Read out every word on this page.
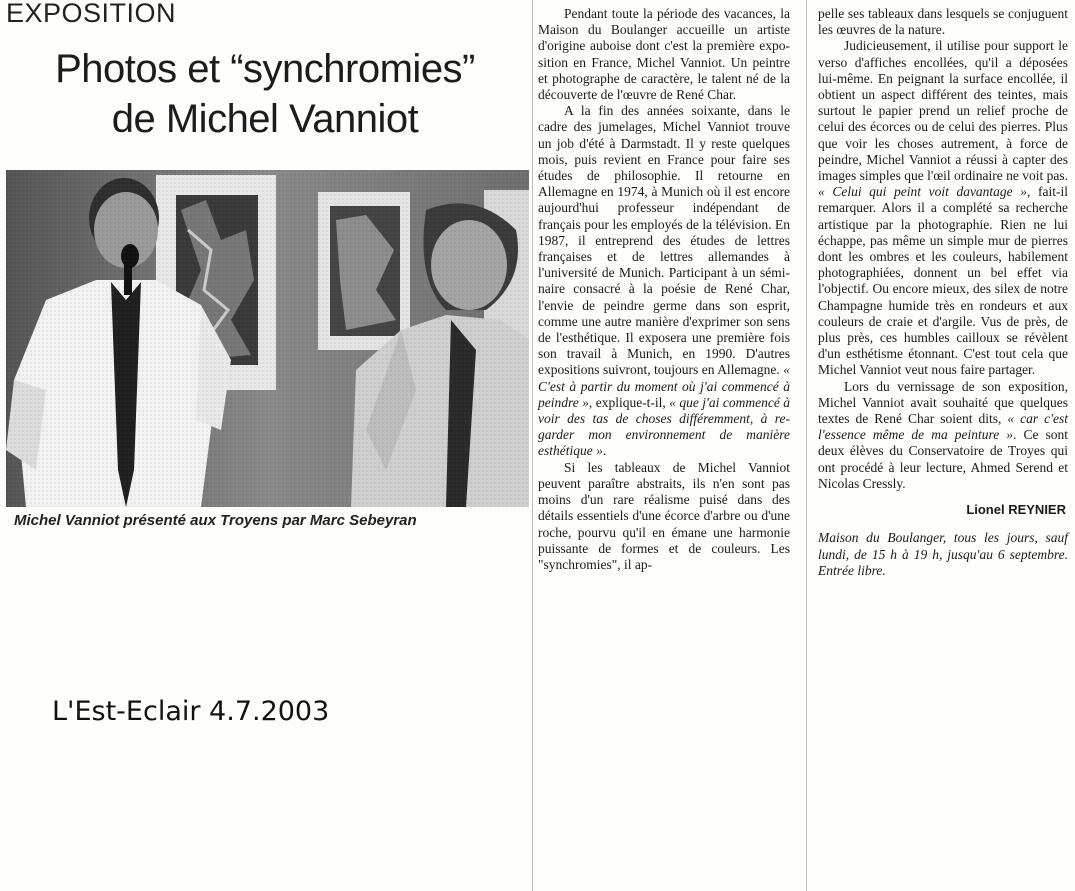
EXPOSITION
Photos et “synchromies”
de Michel Vanniot
Michel Vanniot présenté aux Troyens par Marc Sebeyran
L'Est-Eclair 4.7.2003

Pendant toute la période des vacances, la Maison du Boulanger accueille un artiste d'origine auboise dont c'est la première exposition en France, Michel Vanniot. Un peintre et photographe de caractère, le talent né de la découverte de l'œuvre de René Char.

A la fin des années soixante, dans le cadre des jumelages, Michel Vanniot trouve un job d'été à Darmstadt. Il y reste quelques mois, puis revient en France pour faire ses études de philosophie. Il retourne en Allemagne en 1974, à Munich où il est encore aujourd'hui professeur indépendant de français pour les employés de la télévision. En 1987, il entreprend des études de lettres françaises et de lettres allemandes à l'université de Munich. Participant à un séminaire consacré à la poésie de René Char, l'envie de peindre germe dans son esprit, comme une autre manière d'exprimer son sens de l'esthétique. Il exposera une première fois son travail à Munich, en 1990. D'autres expositions suivront, toujours en Allemagne. « C'est à partir du moment où j'ai commencé à peindre », explique-t-il, « que j'ai commencé à voir des tas de choses différemment, à regarder mon environnement de manière esthétique ».

Si les tableaux de Michel Vanniot peuvent paraître abstraits, ils n'en sont pas moins d'un rare réalisme puisé dans des détails essentiels d'une écorce d'arbre ou d'une roche, pourvu qu'il en émane une harmonie puissante de formes et de couleurs. Les "synchromies", il ap-

pelle ses tableaux dans lesquels se conjuguent les œuvres de la nature.

Judicieusement, il utilise pour support le verso d'affiches encollées, qu'il a déposées lui-même. En peignant la surface encollée, il obtient un aspect différent des teintes, mais surtout le papier prend un relief proche de celui des écorces ou de celui des pierres. Plus que voir les choses autrement, à force de peindre, Michel Vanniot a réussi à capter des images simples que l'œil ordinaire ne voit pas. « Celui qui peint voit davantage », fait-il remarquer. Alors il a complété sa recherche artistique par la photographie. Rien ne lui échappe, pas même un simple mur de pierres dont les ombres et les couleurs, habilement photographiées, donnent un bel effet via l'objectif. Ou encore mieux, des silex de notre Champagne humide très en rondeurs et aux couleurs de craie et d'argile. Vus de près, de plus près, ces humbles cailloux se révèlent d'un esthétisme étonnant. C'est tout cela que Michel Vanniot veut nous faire partager.

Lors du vernissage de son exposition, Michel Vanniot avait souhaité que quelques textes de René Char soient dits, « car c'est l'essence même de ma peinture ». Ce sont deux élèves du Conservatoire de Troyes qui ont procédé à leur lecture, Ahmed Serend et Nicolas Cressly.

Lionel REYNIER

Maison du Boulanger, tous les jours, sauf lundi, de 15 h à 19 h, jusqu'au 6 septembre. Entrée libre.
